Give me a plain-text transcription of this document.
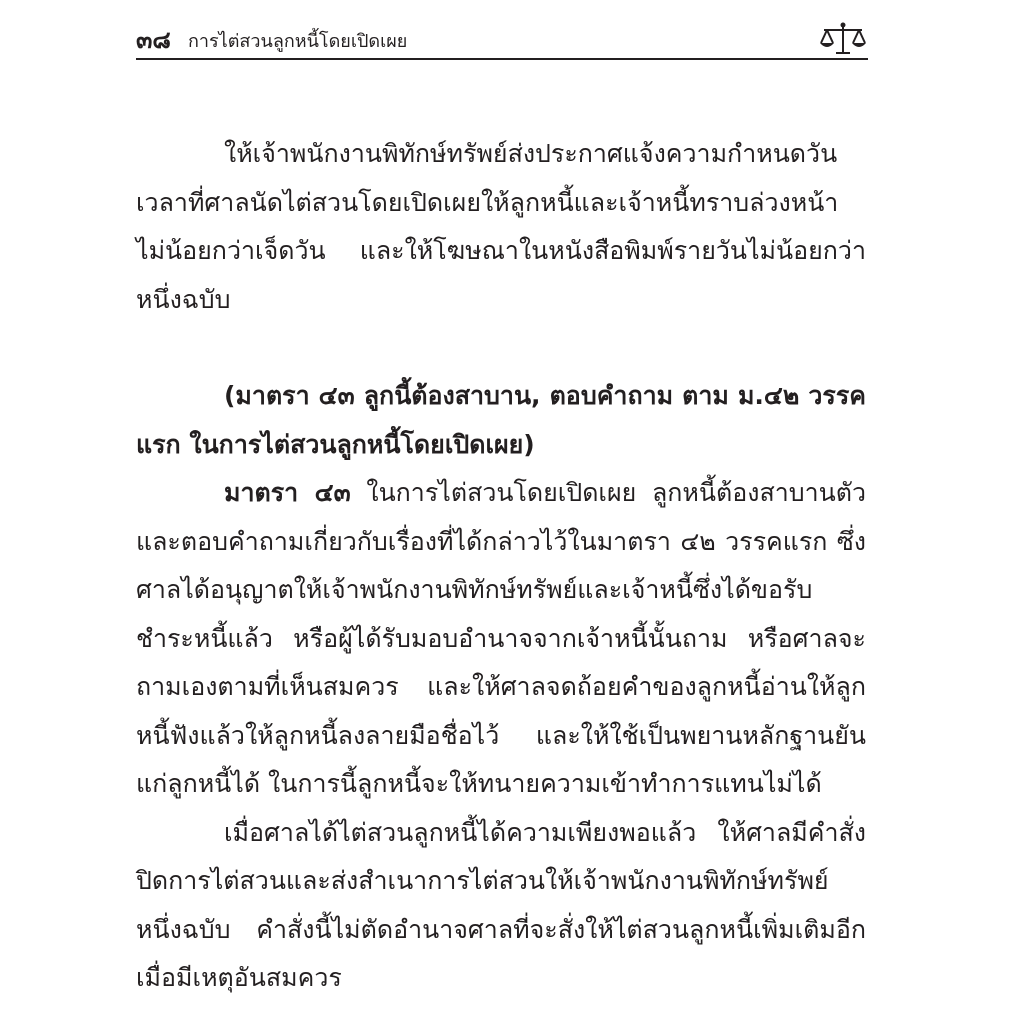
๓๘ การไต่สวนลูกหนี้โดยเปิดเผย

ให้เจ้าพนักงานพิทักษ์ทรัพย์ส่งประกาศแจ้งความกำหนดวันเวลาที่ศาลนัดไต่สวนโดยเปิดเผยให้ลูกหนี้และเจ้าหนี้ทราบล่วงหน้าไม่น้อยกว่าเจ็ดวัน และให้โฆษณาในหนังสือพิมพ์รายวันไม่น้อยกว่าหนึ่งฉบับ

(มาตรา ๔๓ ลูกนี้ต้องสาบาน, ตอบคำถาม ตาม ม.๔๒ วรรคแรก ในการไต่สวนลูกหนี้โดยเปิดเผย)

มาตรา ๔๓ ในการไต่สวนโดยเปิดเผย ลูกหนี้ต้องสาบานตัวและตอบคำถามเกี่ยวกับเรื่องที่ได้กล่าวไว้ในมาตรา ๔๒ วรรคแรก ซึ่งศาลได้อนุญาตให้เจ้าพนักงานพิทักษ์ทรัพย์และเจ้าหนี้ซึ่งได้ขอรับชำระหนี้แล้ว หรือผู้ได้รับมอบอำนาจจากเจ้าหนี้นั้นถาม หรือศาลจะถามเองตามที่เห็นสมควร และให้ศาลจดถ้อยคำของลูกหนี้อ่านให้ลูกหนี้ฟังแล้วให้ลูกหนี้ลงลายมือชื่อไว้ และให้ใช้เป็นพยานหลักฐานยันแก่ลูกหนี้ได้ ในการนี้ลูกหนี้จะให้ทนายความเข้าทำการแทนไม่ได้

เมื่อศาลได้ไต่สวนลูกหนี้ได้ความเพียงพอแล้ว ให้ศาลมีคำสั่งปิดการไต่สวนและส่งสำเนาการไต่สวนให้เจ้าพนักงานพิทักษ์ทรัพย์หนึ่งฉบับ คำสั่งนี้ไม่ตัดอำนาจศาลที่จะสั่งให้ไต่สวนลูกหนี้เพิ่มเติมอีกเมื่อมีเหตุอันสมควร
